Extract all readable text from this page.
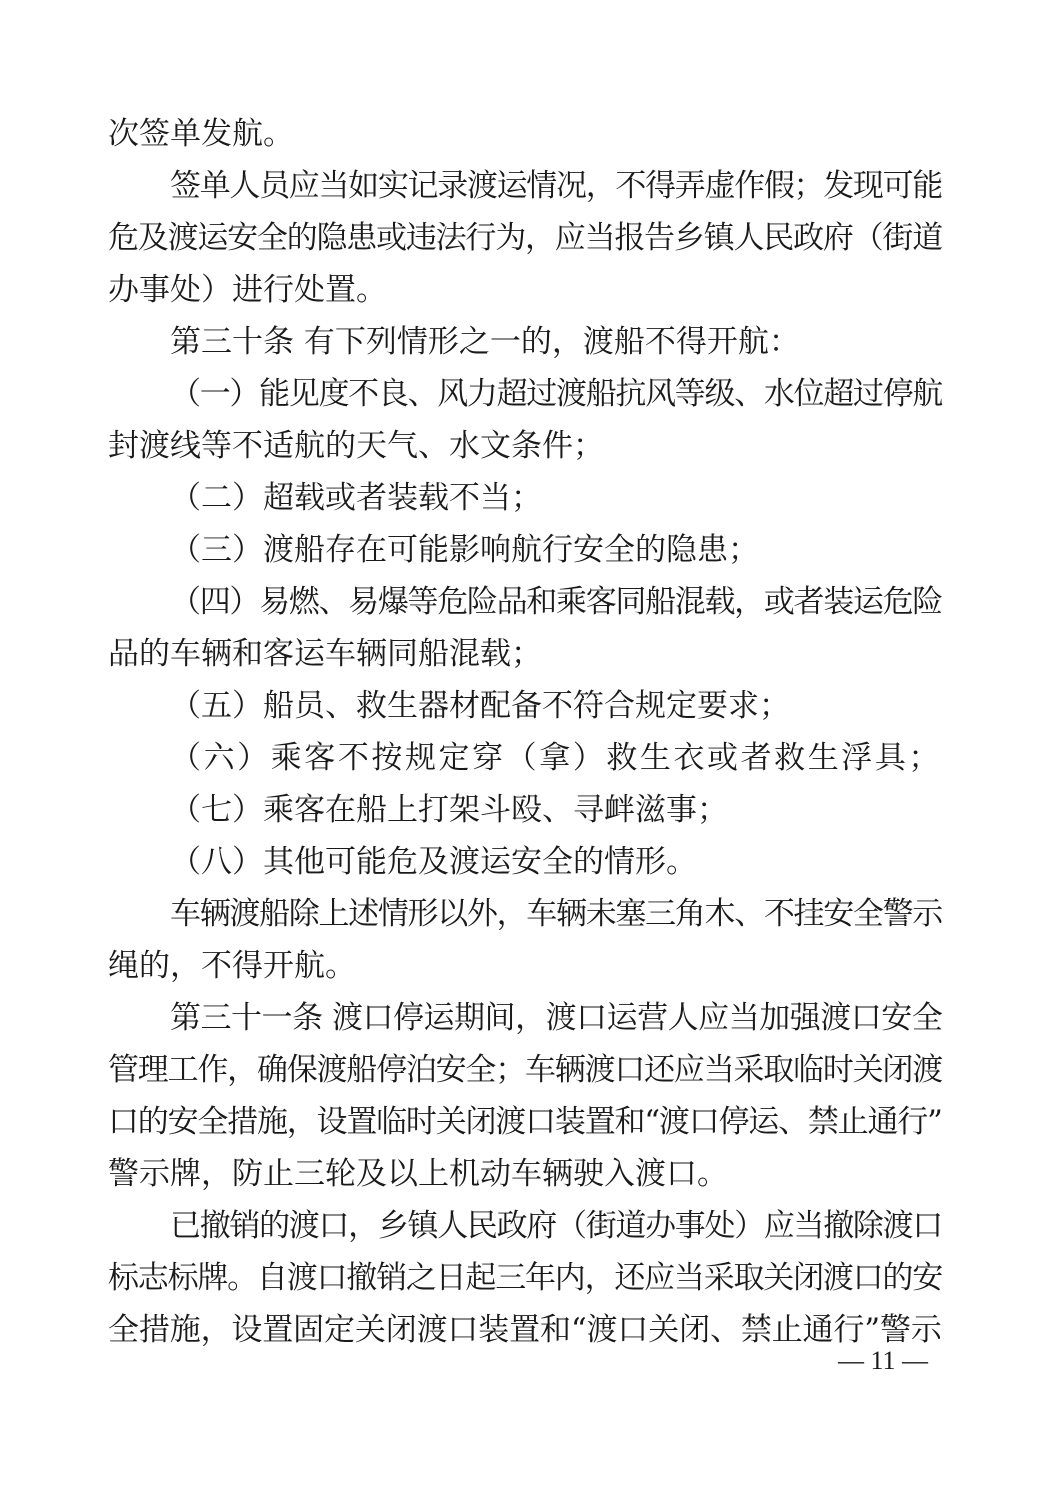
次签单发航。
签单人员应当如实记录渡运情况，不得弄虚作假；发现可能
危及渡运安全的隐患或违法行为，应当报告乡镇人民政府（街道
办事处）进行处置。
第三十条 有下列情形之一的，渡船不得开航：
（一）能见度不良、风力超过渡船抗风等级、水位超过停航
封渡线等不适航的天气、水文条件；
（二）超载或者装载不当；
（三）渡船存在可能影响航行安全的隐患；
（四）易燃、易爆等危险品和乘客同船混载，或者装运危险
品的车辆和客运车辆同船混载；
（五）船员、救生器材配备不符合规定要求；
（六）乘客不按规定穿（拿）救生衣或者救生浮具；
（七）乘客在船上打架斗殴、寻衅滋事；
（八）其他可能危及渡运安全的情形。
车辆渡船除上述情形以外，车辆未塞三角木、不挂安全警示
绳的，不得开航。
第三十一条 渡口停运期间，渡口运营人应当加强渡口安全
管理工作，确保渡船停泊安全；车辆渡口还应当采取临时关闭渡
口的安全措施，设置临时关闭渡口装置和“渡口停运、禁止通行”
警示牌，防止三轮及以上机动车辆驶入渡口。
已撤销的渡口，乡镇人民政府（街道办事处）应当撤除渡口
标志标牌。自渡口撤销之日起三年内，还应当采取关闭渡口的安
全措施，设置固定关闭渡口装置和“渡口关闭、禁止通行”警示
— 11 —
